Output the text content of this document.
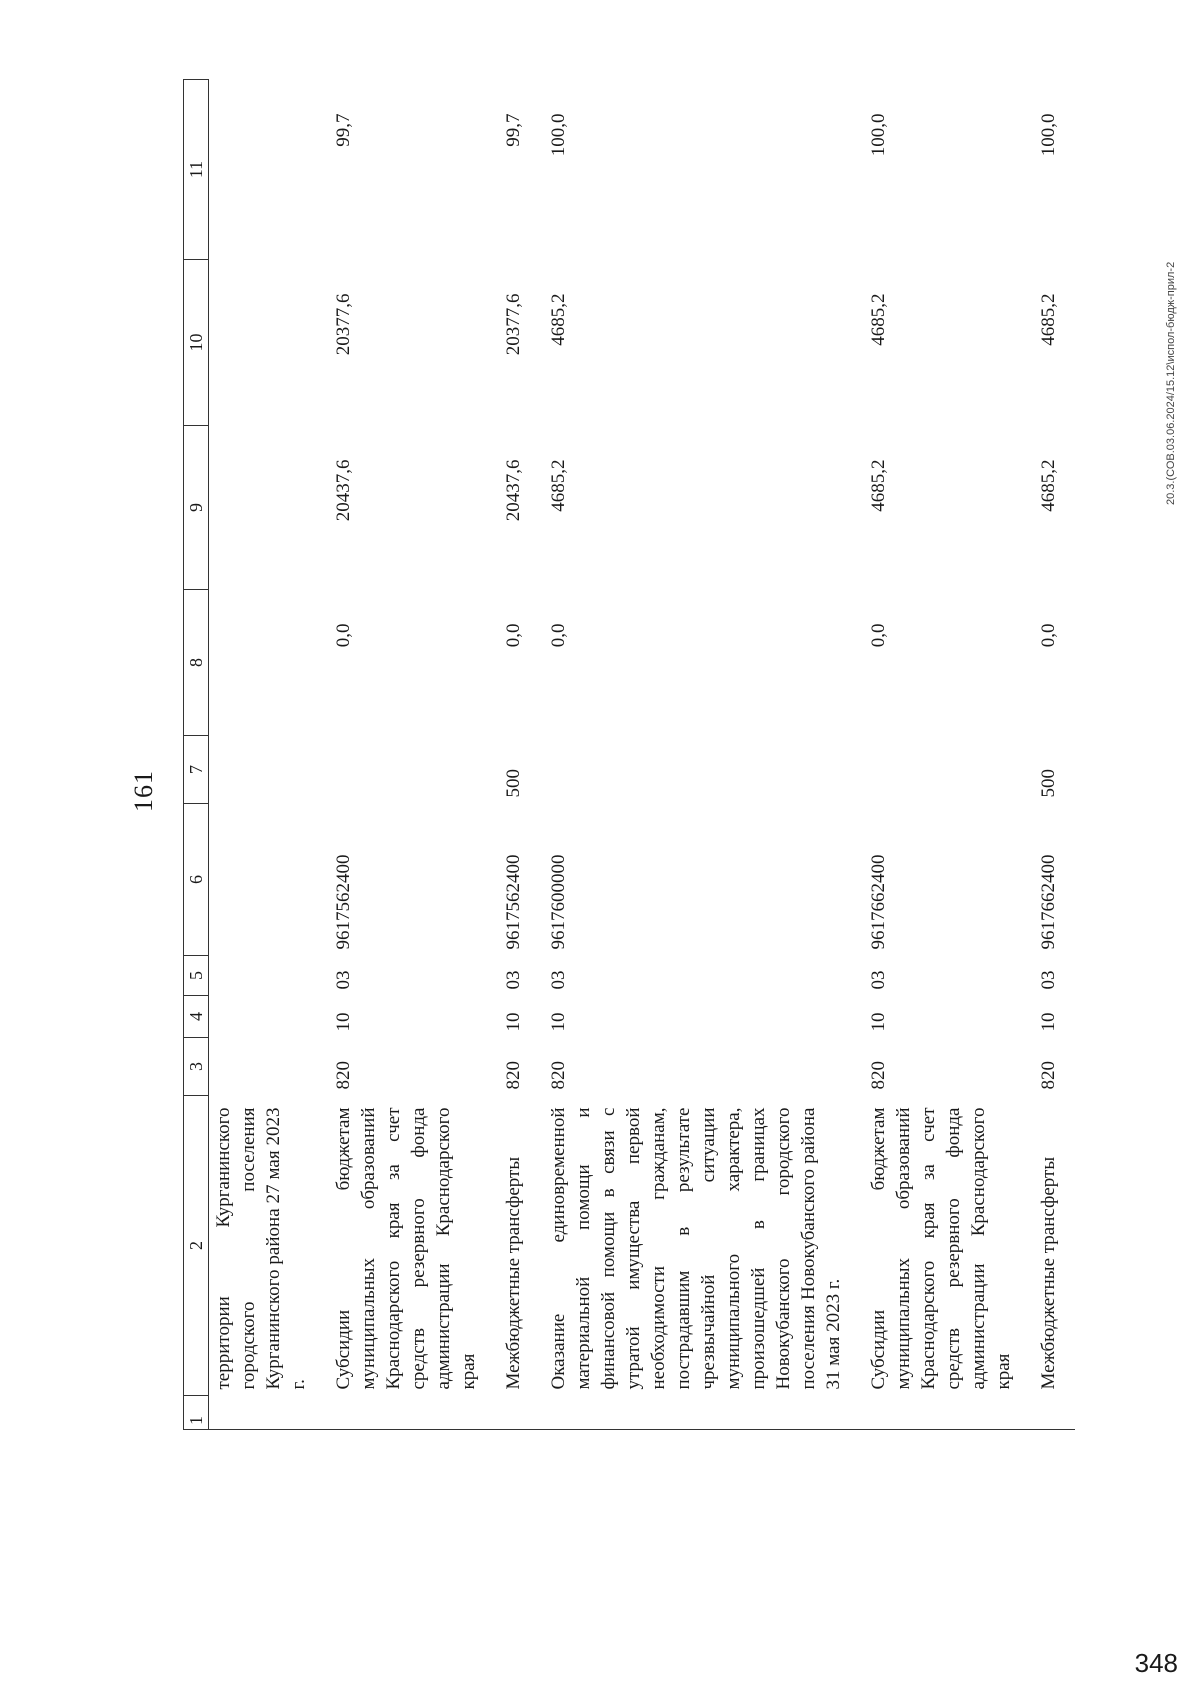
161
1	2	3	4	5	6	7	8	9	10	11
	территории Курганинского городского поселения Курганинского района 27 мая 2023 г.									
	Субсидии бюджетам муниципальных образований Краснодарского края за счет средств резервного фонда администрации Краснодарского края	820	10	03	9617562400		0,0	20437,6	20377,6	99,7
	Межбюджетные трансферты	820	10	03	9617562400	500	0,0	20437,6	20377,6	99,7
	Оказание единовременной материальной помощи и финансовой помощи в связи с утратой имущества первой необходимости гражданам, пострадавшим в результате чрезвычайной ситуации муниципального характера, произошедшей в границах Новокубанского городского поселения Новокубанского района 31 мая 2023 г.	820	10	03	9617600000		0,0	4685,2	4685,2	100,0
	Субсидии бюджетам муниципальных образований Краснодарского края за счет средств резервного фонда администрации Краснодарского края	820	10	03	9617662400		0,0	4685,2	4685,2	100,0
	Межбюджетные трансферты	820	10	03	9617662400	500	0,0	4685,2	4685,2	100,0
20.3.(СОВ.03.06.2024/15.12\испол-бюдж-прил-2
348
